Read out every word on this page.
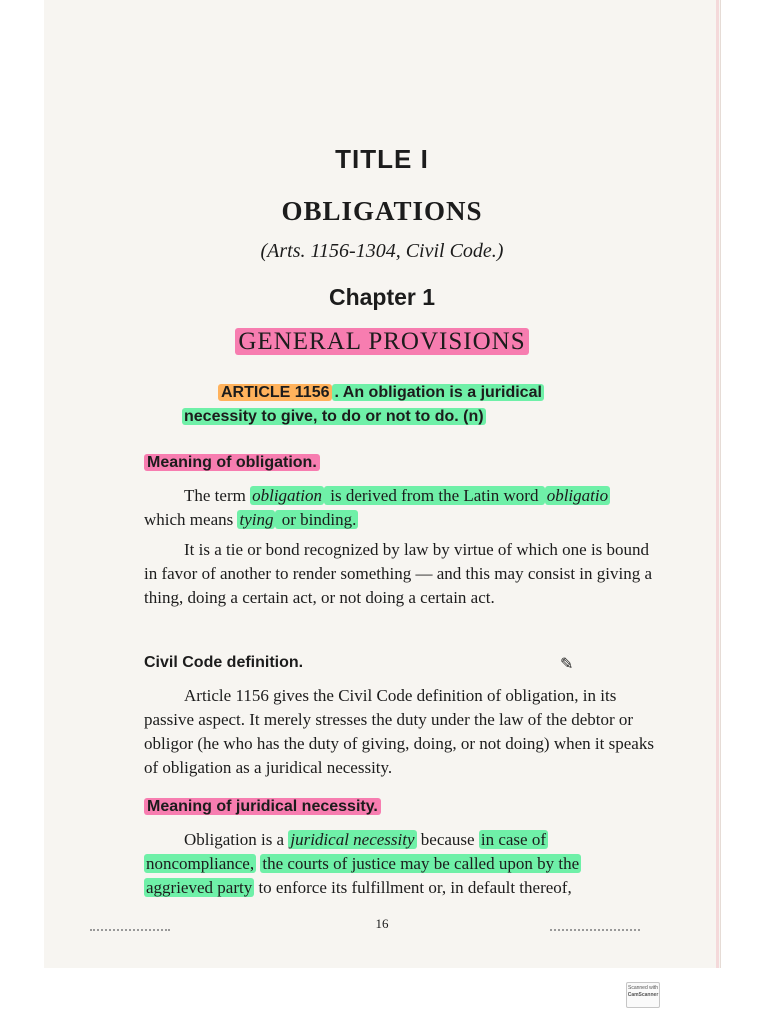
TITLE I
OBLIGATIONS
(Arts. 1156-1304, Civil Code.)
Chapter 1
GENERAL PROVISIONS
ARTICLE 1156 . An obligation is a juridical
necessity to give, to do or not to do. (n)
Meaning of obligation.
The term obligation is derived from the Latin word obligatio
which means tying or binding.
It is a tie or bond recognized by law by virtue of which one is bound in favor of another to render something — and this may consist in giving a thing, doing a certain act, or not doing a certain act.
Civil Code definition.	✎
Article 1156 gives the Civil Code definition of obligation, in its passive aspect. It merely stresses the duty under the law of the debtor or obligor (he who has the duty of giving, doing, or not doing) when it speaks of obligation as a juridical necessity.
Meaning of juridical necessity.
Obligation is a juridical necessity because in case of
noncompliance, the courts of justice may be called upon by the
aggrieved party to enforce its fulfillment or, in default thereof,
16
Scanned with
CamScanner
